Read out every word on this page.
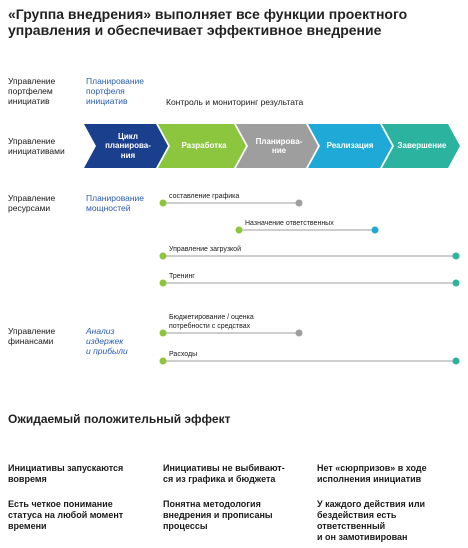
«Группа внедрения» выполняет все функции проектного управления и обеспечивает эффективное внедрение
Управление
портфелем
инициатив
Планирование
портфеля
инициатив	Контроль и мониторинг результата
Управление
инициативами
Управление
ресурсами
Планирование
мощностей
Управление
финансами
Анализ
издержек
и прибыли
Цикл
планирова-
ния
Разработка
Планирова-
ние
Реализация	Завершение
составление графика
Назначение ответственных
Управление загрузкой
Тренинг
Бюджетирование / оценка
потребности с средствах
Расходы
Ожидаемый положительный эффект
Инициативы запускаются
вовремя
Есть четкое понимание
статуса на любой момент
времени
Инициативы не выбивают-
ся из графика и бюджета
Понятна методология
внедрения и прописаны
процессы
Нет «сюрпризов» в ходе
исполнения инициатив
У каждого действия или
бездействия есть
ответственный
и он замотивирован
